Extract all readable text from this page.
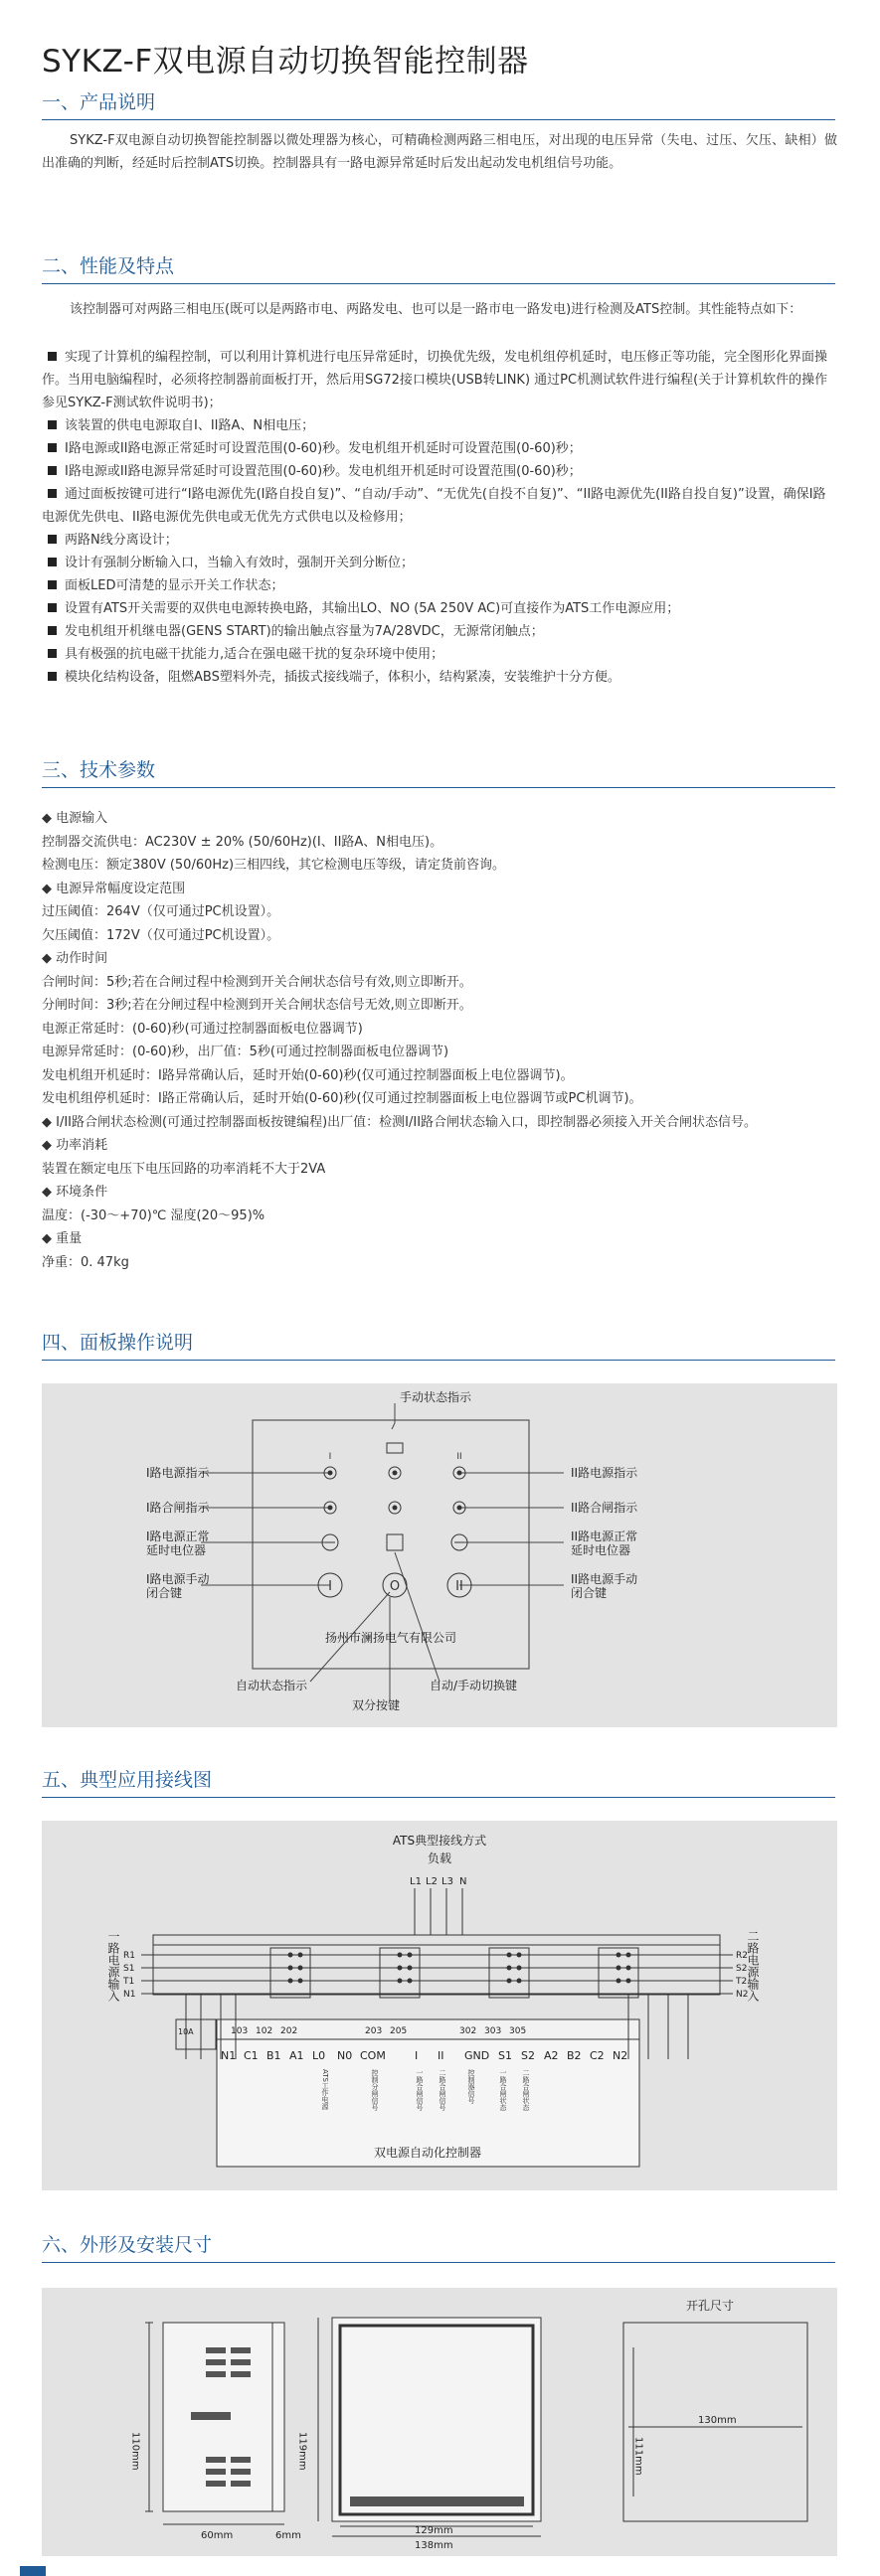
SYKZ-F双电源自动切换智能控制器
一、产品说明
SYKZ-F双电源自动切换智能控制器以微处理器为核心，可精确检测两路三相电压，对出现的电压异常（失电、过压、欠压、缺相）做出准确的判断，经延时后控制ATS切换。控制器具有一路电源异常延时后发出起动发电机组信号功能。
二、性能及特点
该控制器可对两路三相电压(既可以是两路市电、两路发电、也可以是一路市电一路发电)进行检测及ATS控制。其性能特点如下：
实现了计算机的编程控制，可以利用计算机进行电压异常延时，切换优先级，发电机组停机延时，电压修正等功能，完全图形化界面操作。当用电脑编程时，必须将控制器前面板打开，然后用SG72接口模块(USB转LINK) 通过PC机测试软件进行编程(关于计算机软件的操作参见SYKZ-F测试软件说明书)；
该装置的供电电源取自I、II路A、N相电压；
I路电源或II路电源正常延时可设置范围(0-60)秒。发电机组开机延时可设置范围(0-60)秒；
I路电源或II路电源异常延时可设置范围(0-60)秒。发电机组开机延时可设置范围(0-60)秒；
通过面板按键可进行“I路电源优先(I路自投自复)”、“自动/手动”、“无优先(自投不自复)”、“II路电源优先(II路自投自复)”设置，确保I路电源优先供电、II路电源优先供电或无优先方式供电以及检修用；
两路N线分离设计；
设计有强制分断输入口，当输入有效时，强制开关到分断位；
面板LED可清楚的显示开关工作状态；
设置有ATS开关需要的双供电电源转换电路，其输出LO、NO (5A 250V AC)可直接作为ATS工作电源应用；
发电机组开机继电器(GENS START)的输出触点容量为7A/28VDC，无源常闭触点；
具有极强的抗电磁干扰能力,适合在强电磁干扰的复杂环境中使用；
模块化结构设备，阻燃ABS塑料外壳，插拔式接线端子，体积小，结构紧凑，安装维护十分方便。
三、技术参数
◆ 电源输入
控制器交流供电：AC230V ± 20% (50/60Hz)(I、II路A、N相电压)。
检测电压：额定380V (50/60Hz)三相四线，其它检测电压等级，请定货前咨询。
◆ 电源异常幅度设定范围
过压阈值：264V（仅可通过PC机设置）。
欠压阈值：172V（仅可通过PC机设置）。
◆ 动作时间
合闸时间：5秒;若在合闸过程中检测到开关合闸状态信号有效,则立即断开。
分闸时间：3秒;若在分闸过程中检测到开关合闸状态信号无效,则立即断开。
电源正常延时：(0-60)秒(可通过控制器面板电位器调节)
电源异常延时：(0-60)秒，出厂值：5秒(可通过控制器面板电位器调节)
发电机组开机延时：I路异常确认后，延时开始(0-60)秒(仅可通过控制器面板上电位器调节)。
发电机组停机延时：I路正常确认后，延时开始(0-60)秒(仅可通过控制器面板上电位器调节或PC机调节)。
◆ I/II路合闸状态检测(可通过控制器面板按键编程)出厂值：检测I/II路合闸状态输入口，即控制器必须接入开关合闸状态信号。
◆ 功率消耗
装置在额定电压下电压回路的功率消耗不大于2VA
◆ 环境条件
温度：(-30～+70)℃ 湿度(20～95)%
◆ 重量
净重：0. 47kg
四、面板操作说明
I	II
I	O	II
手动状态指示
I路电源指示
I路合闸指示
I路电源正常
延时电位器
I路电源手动
闭合键
II路电源指示
II路合闸指示
II路电源正常
延时电位器
II路电源手动
闭合键
扬州市澜扬电气有限公司
自动状态指示	自动/手动切换键
双分按键
五、典型应用接线图
ATS典型接线方式
负载
L1 L2 L3 N
一路电源输入	二路电源输入
R1
S1
T1
N1
R2
S2
T2
N2
10A	103 102 202	203 205	302 303 305
N1 C1 B1 A1 L0 N0 COM	I II GND S1 S2 A2 B2 C2 N2
ATS工作电源	控制分闸信号	一路合闸信号 二路合闸信号	控制器信号	一路合闸状态 二路合闸状态
双电源自动化控制器
六、外形及安装尺寸
110mm
60mm	6mm
119mm
129mm
138mm
开孔尺寸
130mm
111mm
